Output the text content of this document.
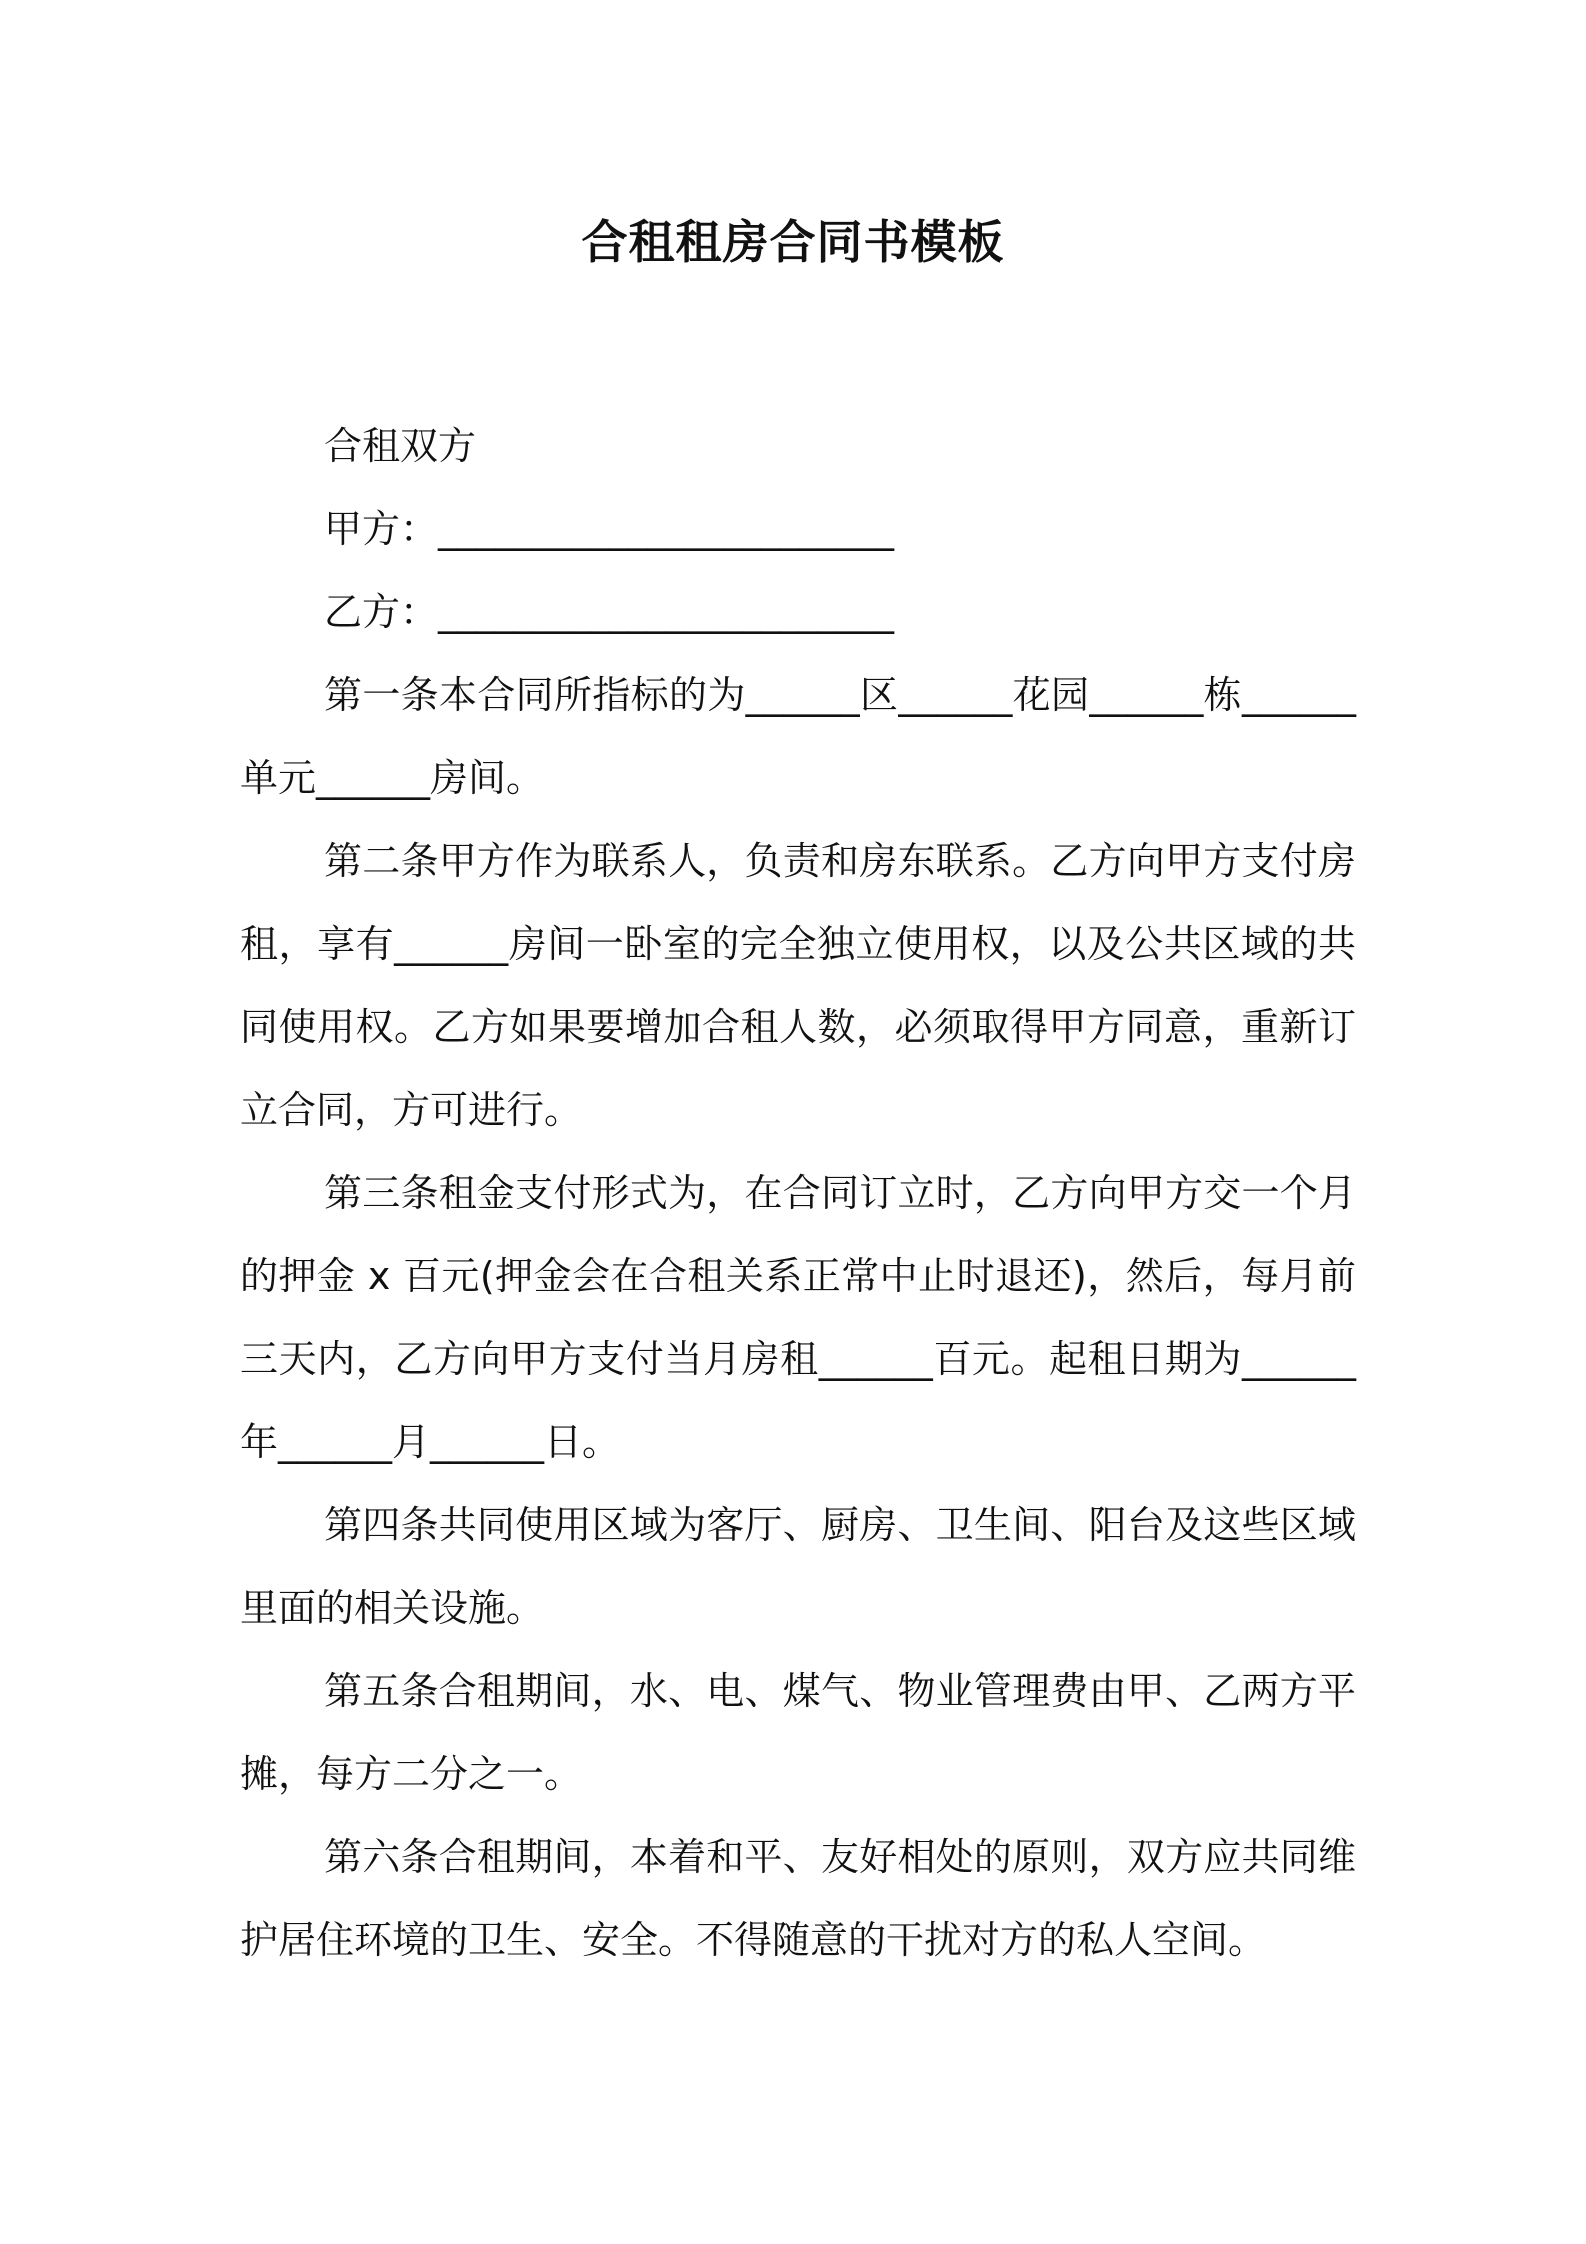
合租租房合同书模板

合租双方

甲方：________________________

乙方：________________________

第一条本合同所指标的为______区______花园______栋______单元______房间。

第二条甲方作为联系人，负责和房东联系。乙方向甲方支付房租，享有______房间一卧室的完全独立使用权，以及公共区域的共同使用权。乙方如果要增加合租人数，必须取得甲方同意，重新订立合同，方可进行。

第三条租金支付形式为，在合同订立时，乙方向甲方交一个月的押金 x 百元(押金会在合租关系正常中止时退还)，然后，每月前三天内，乙方向甲方支付当月房租______百元。起租日期为______年______月______日。

第四条共同使用区域为客厅、厨房、卫生间、阳台及这些区域里面的相关设施。

第五条合租期间，水、电、煤气、物业管理费由甲、乙两方平摊，每方二分之一。

第六条合租期间，本着和平、友好相处的原则，双方应共同维护居住环境的卫生、安全。不得随意的干扰对方的私人空间。
